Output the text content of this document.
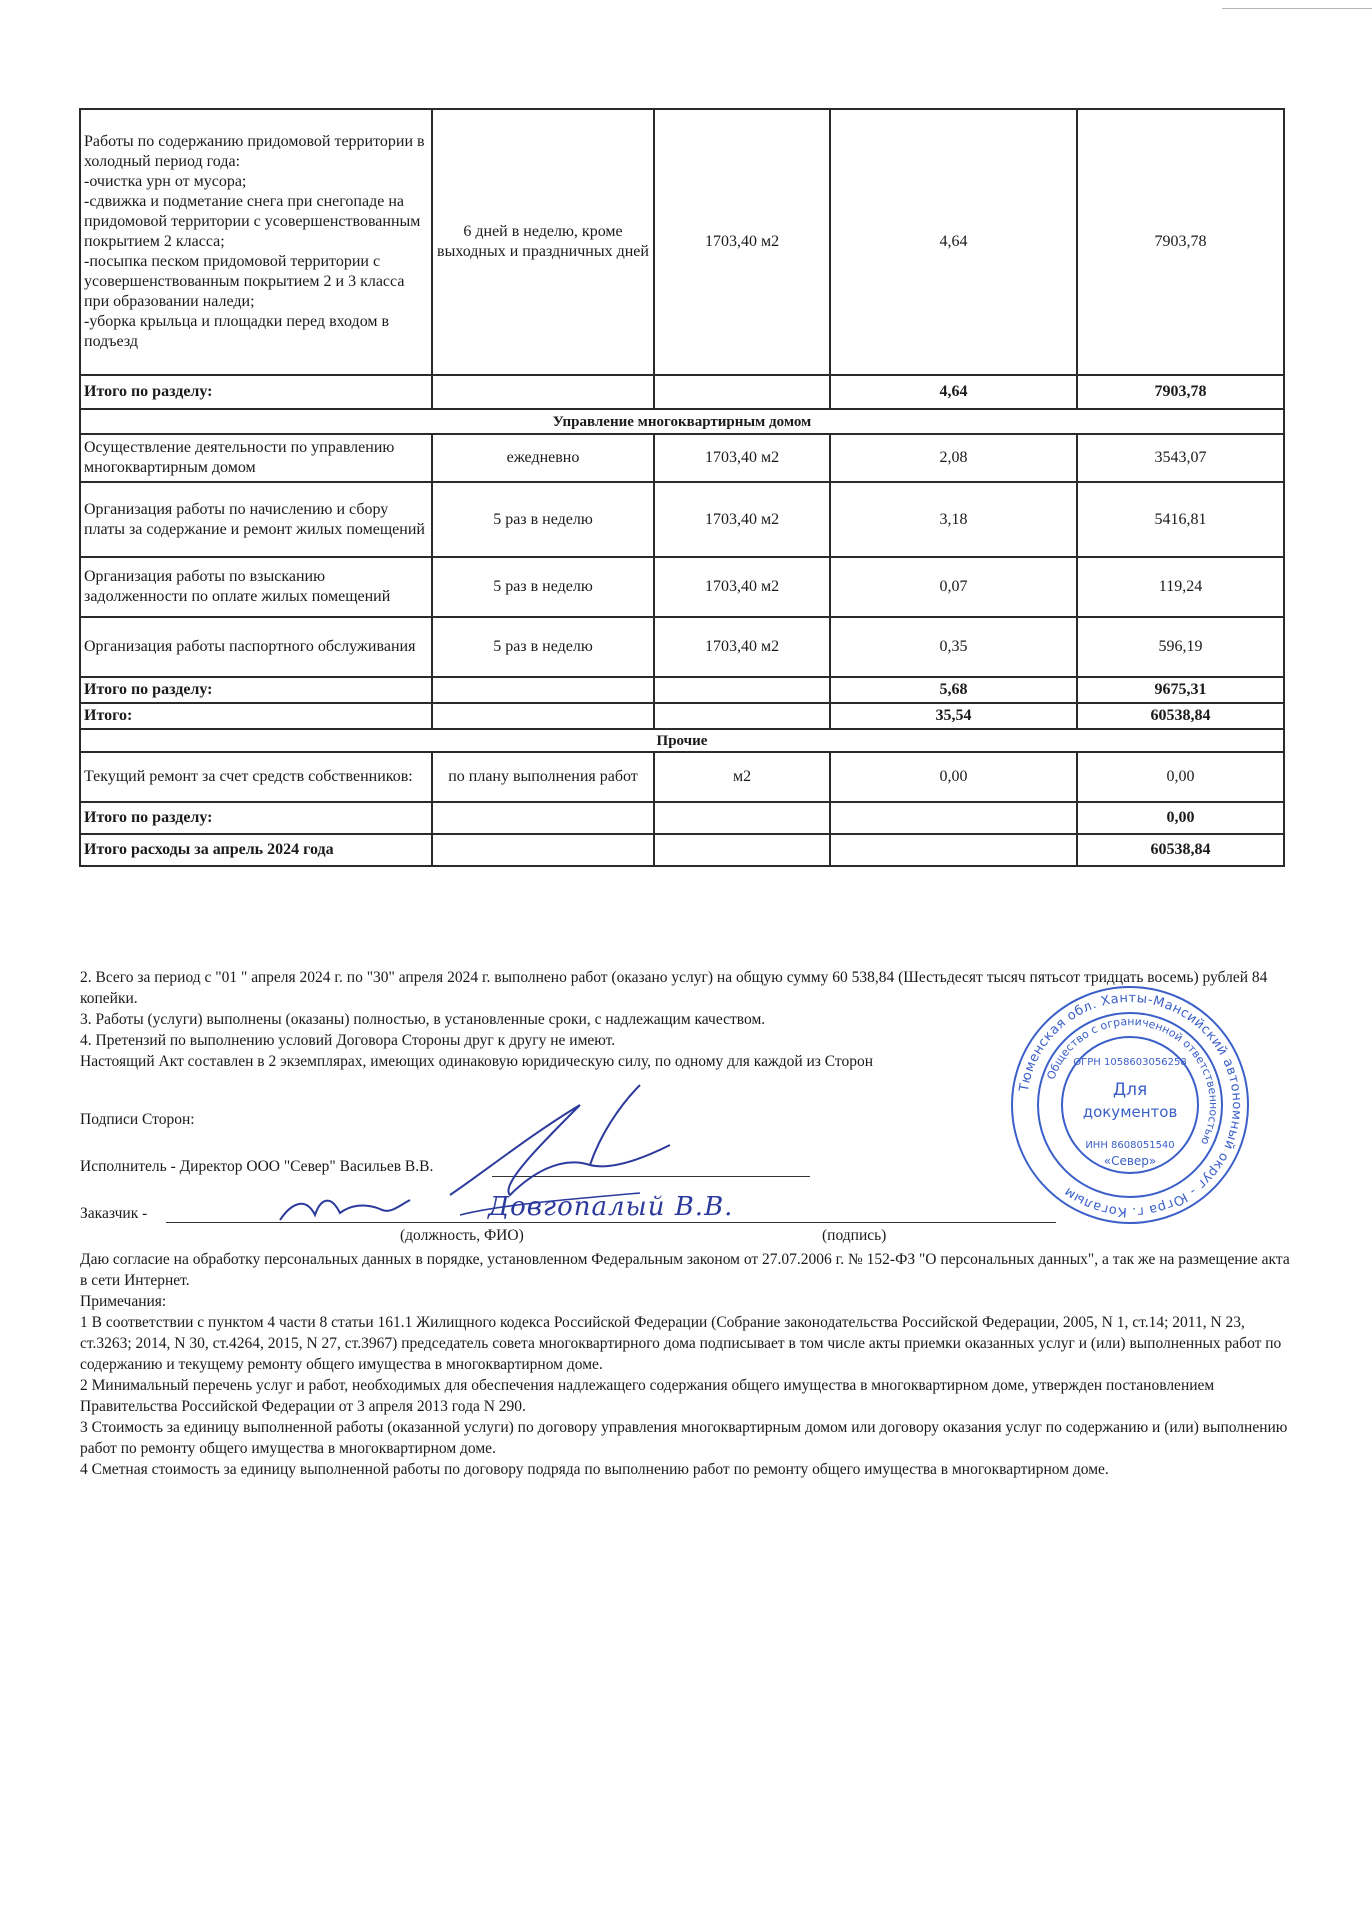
Работы по содержанию придомовой территории в холодный период года:
-очистка урн от мусора;
-сдвижка и подметание снега при снегопаде на придомовой территории с усовершенствованным покрытием 2 класса;
-посыпка песком придомовой территории с усовершенствованным покрытием 2 и 3 класса при образовании наледи;
-уборка крыльца и площадки перед входом в подъезд	6 дней в неделю, кроме выходных и праздничных дней	1703,40 м2	4,64	7903,78
Итого по разделу:			4,64	7903,78
Управление многоквартирным домом				
Осуществление деятельности по управлению многоквартирным домом	ежедневно	1703,40 м2	2,08	3543,07
Организация работы по начислению и сбору платы за содержание и ремонт жилых помещений	5 раз в неделю	1703,40 м2	3,18	5416,81
Организация работы по взысканию задолженности по оплате жилых помещений	5 раз в неделю	1703,40 м2	0,07	119,24
Организация работы паспортного обслуживания	5 раз в неделю	1703,40 м2	0,35	596,19
Итого по разделу:			5,68	9675,31
Итого:			35,54	60538,84
Прочие				
Текущий ремонт за счет средств собственников:	по плану выполнения работ	м2	0,00	0,00
Итого по разделу:				0,00
Итого расходы за апрель 2024 года				60538,84

2. Всего за период с "01 " апреля 2024 г. по "30" апреля 2024 г. выполнено работ (оказано услуг) на общую сумму 60 538,84 (Шестьдесят тысяч пятьсот тридцать восемь) рублей 84 копейки.

3. Работы (услуги) выполнены (оказаны) полностью, в установленные сроки, с надлежащим качеством.

4. Претензий по выполнению условий Договора Стороны друг к другу не имеют.

Настоящий Акт составлен в 2 экземплярах, имеющих одинаковую юридическую силу, по одному для каждой из Сторон

Подписи Сторон:
Исполнитель - Директор ООО "Север" Васильев В.В.
Заказчик -
(должность, ФИО)	(подпись)
Довгопалый В.В.

Даю согласие на обработку персональных данных в порядке, установленном Федеральным законом от 27.07.2006 г. № 152-ФЗ "О персональных данных", а так же на размещение акта в сети Интернет.

Примечания:

1 В соответствии с пунктом 4 части 8 статьи 161.1 Жилищного кодекса Российской Федерации (Собрание законодательства Российской Федерации, 2005, N 1, ст.14; 2011, N 23, ст.3263; 2014, N 30, ст.4264, 2015, N 27, ст.3967) председатель совета многоквартирного дома подписывает в том числе акты приемки оказанных услуг и (или) выполненных работ по содержанию и текущему ремонту общего имущества в многоквартирном доме.

2 Минимальный перечень услуг и работ, необходимых для обеспечения надлежащего содержания общего имущества в многоквартирном доме, утвержден постановлением Правительства Российской Федерации от 3 апреля 2013 года N 290.

3 Стоимость за единицу выполненной работы (оказанной услуги) по договору управления многоквартирным домом или договору оказания услуг по содержанию и (или) выполнению работ по ремонту общего имущества в многоквартирном доме.

4 Сметная стоимость за единицу выполненной работы по договору подряда по выполнению работ по ремонту общего имущества в многоквартирном доме.

Тюменская обл. Ханты-Мансийский автономный округ - Югра г. Когалым
Общество с ограниченной ответственностью
Для
документов
ОГРН 1058603056258
ИНН 8608051540
«Север»
